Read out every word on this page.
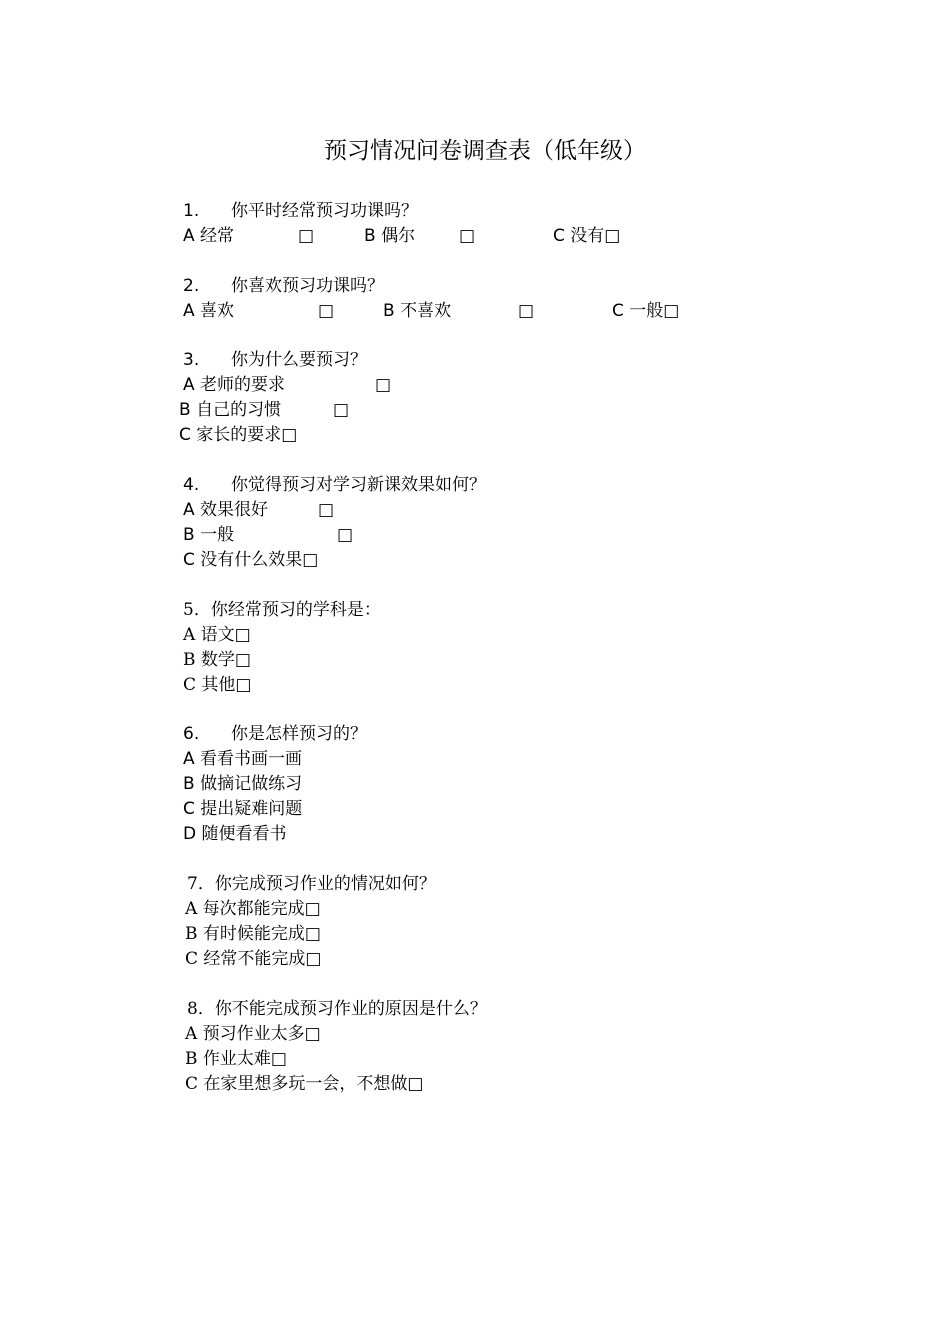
预习情况问卷调查表（低年级）
1. 你平时经常预习功课吗？
A 经常	□	B 偶尔	□	C 没有□
2. 你喜欢预习功课吗？
A 喜欢	□	B 不喜欢	□	C 一般□
3. 你为什么要预习？
A 老师的要求	□
B 自己的习惯	□
C 家长的要求□
4. 你觉得预习对学习新课效果如何？
A 效果很好	□
B 一般	□
C 没有什么效果□
5．你经常预习的学科是：
A 语文□
B 数学□
C 其他□
6. 你是怎样预习的？
A 看看书画一画
B 做摘记做练习
C 提出疑难问题
D 随便看看书
7．你完成预习作业的情况如何？
A 每次都能完成□
B 有时候能完成□
C 经常不能完成□
8．你不能完成预习作业的原因是什么？
A 预习作业太多□
B 作业太难□
C 在家里想多玩一会，不想做□
